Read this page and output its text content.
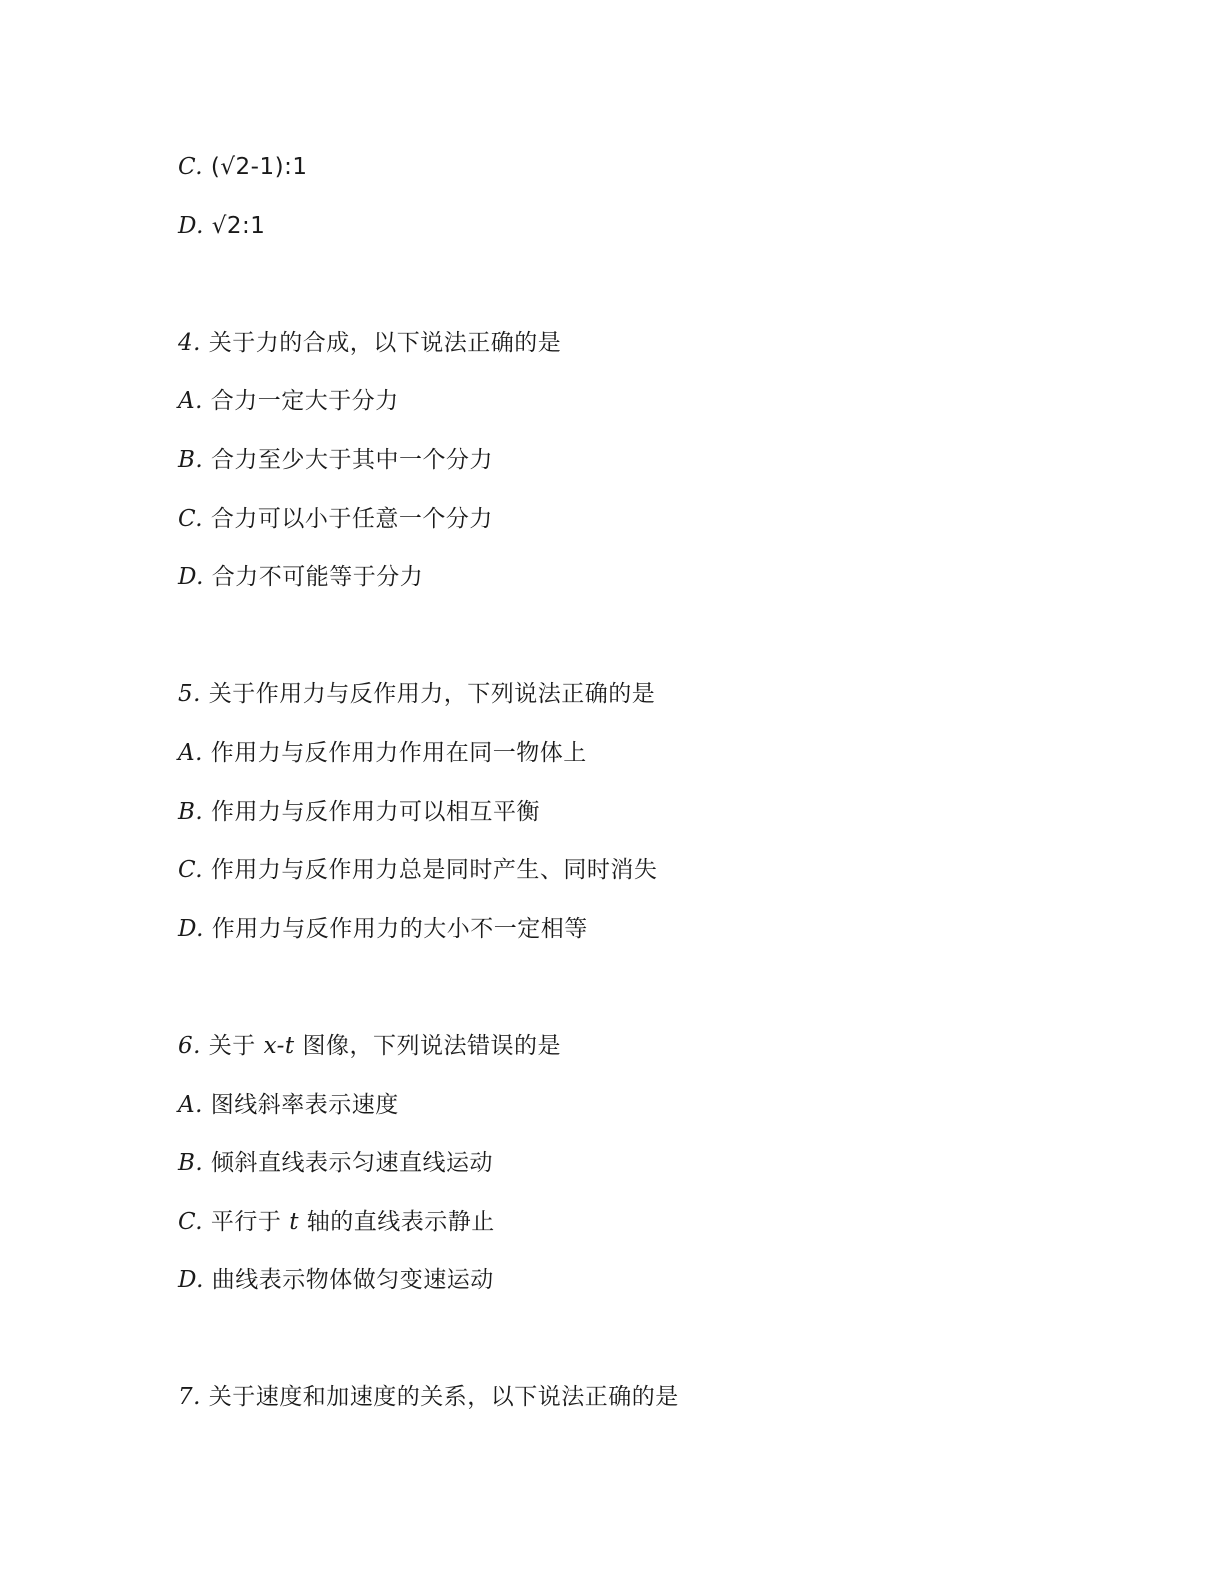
C. (√2-1):1
D. √2:1
4. 关于力的合成，以下说法正确的是
A. 合力一定大于分力
B. 合力至少大于其中一个分力
C. 合力可以小于任意一个分力
D. 合力不可能等于分力
5. 关于作用力与反作用力，下列说法正确的是
A. 作用力与反作用力作用在同一物体上
B. 作用力与反作用力可以相互平衡
C. 作用力与反作用力总是同时产生、同时消失
D. 作用力与反作用力的大小不一定相等
6. 关于 x-t 图像，下列说法错误的是
A. 图线斜率表示速度
B. 倾斜直线表示匀速直线运动
C. 平行于 t 轴的直线表示静止
D. 曲线表示物体做匀变速运动
7. 关于速度和加速度的关系，以下说法正确的是
